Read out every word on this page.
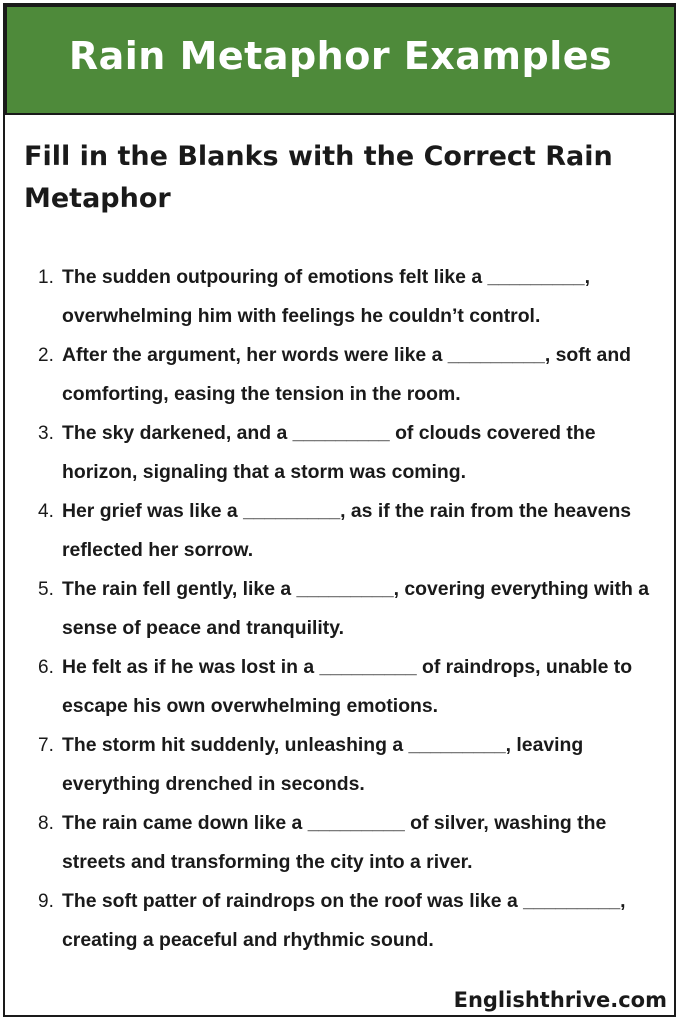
Rain Metaphor Examples
Fill in the Blanks with the Correct Rain Metaphor
1. The sudden outpouring of emotions felt like a _________, overwhelming him with feelings he couldn’t control.
2. After the argument, her words were like a _________, soft and comforting, easing the tension in the room.
3. The sky darkened, and a _________ of clouds covered the horizon, signaling that a storm was coming.
4. Her grief was like a _________, as if the rain from the heavens reflected her sorrow.
5. The rain fell gently, like a _________, covering everything with a sense of peace and tranquility.
6. He felt as if he was lost in a _________ of raindrops, unable to escape his own overwhelming emotions.
7. The storm hit suddenly, unleashing a _________, leaving everything drenched in seconds.
8. The rain came down like a _________ of silver, washing the streets and transforming the city into a river.
9. The soft patter of raindrops on the roof was like a _________, creating a peaceful and rhythmic sound.
Englishthrive.com
